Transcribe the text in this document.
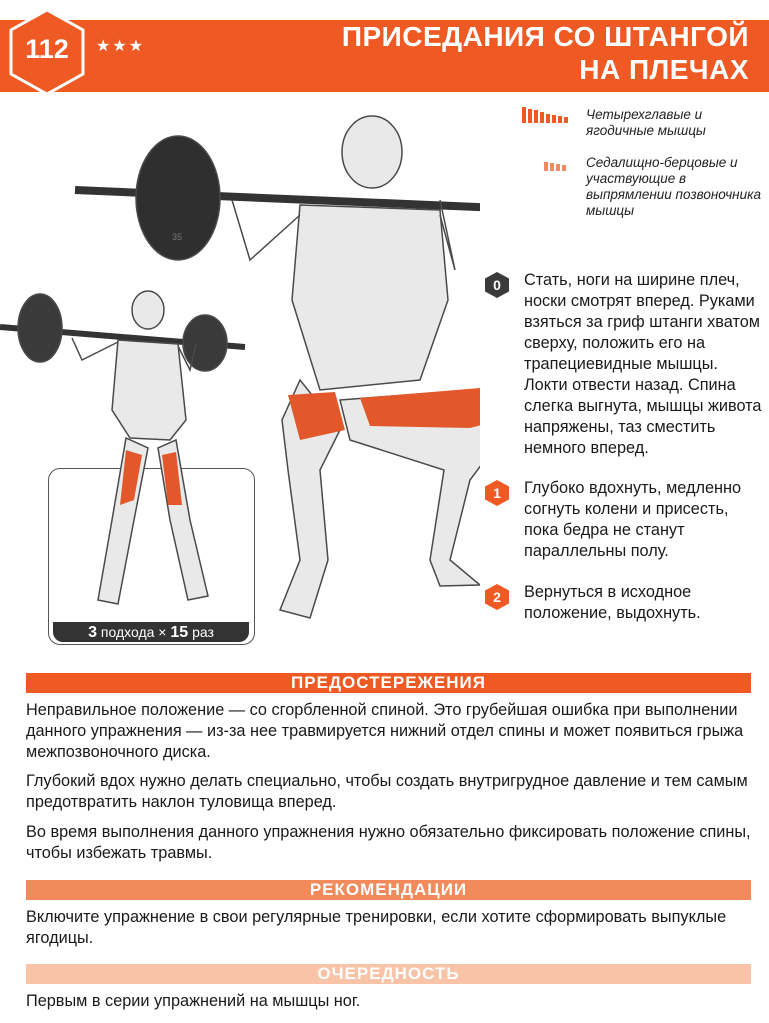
112	★★★	ПРИСЕДАНИЯ СО ШТАНГОЙ
НА ПЛЕЧАХ
Четырехглавые и ягодичные мышцы
Седалищно-берцовые и участвующие в выпрямлении позвоночника мышцы
35
3 подхода × 15 раз
0	Стать, ноги на ширине плеч, носки смотрят вперед. Руками взяться за гриф штанги хватом сверху, положить его на трапециевидные мышцы. Локти отвести назад. Спина слегка выгнута, мышцы живота напряжены, таз сместить немного вперед.
1	Глубоко вдохнуть, медленно согнуть колени и присесть, пока бедра не станут параллельны полу.
2	Вернуться в исходное положение, выдохнуть.
ПРЕДОСТЕРЕЖЕНИЯ

Неправильное положение — со сгорбленной спиной. Это грубейшая ошибка при выполнении данного упражнения — из-за нее травмируется нижний отдел спины и может появиться грыжа межпозвоночного диска.

Глубокий вдох нужно делать специально, чтобы создать внутригрудное давление и тем самым предотвратить наклон туловища вперед.

Во время выполнения данного упражнения нужно обязательно фиксировать положение спины, чтобы избежать травмы.

РЕКОМЕНДАЦИИ

Включите упражнение в свои регулярные тренировки, если хотите сформировать выпуклые ягодицы.

ОЧЕРЕДНОСТЬ

Первым в серии упражнений на мышцы ног.
